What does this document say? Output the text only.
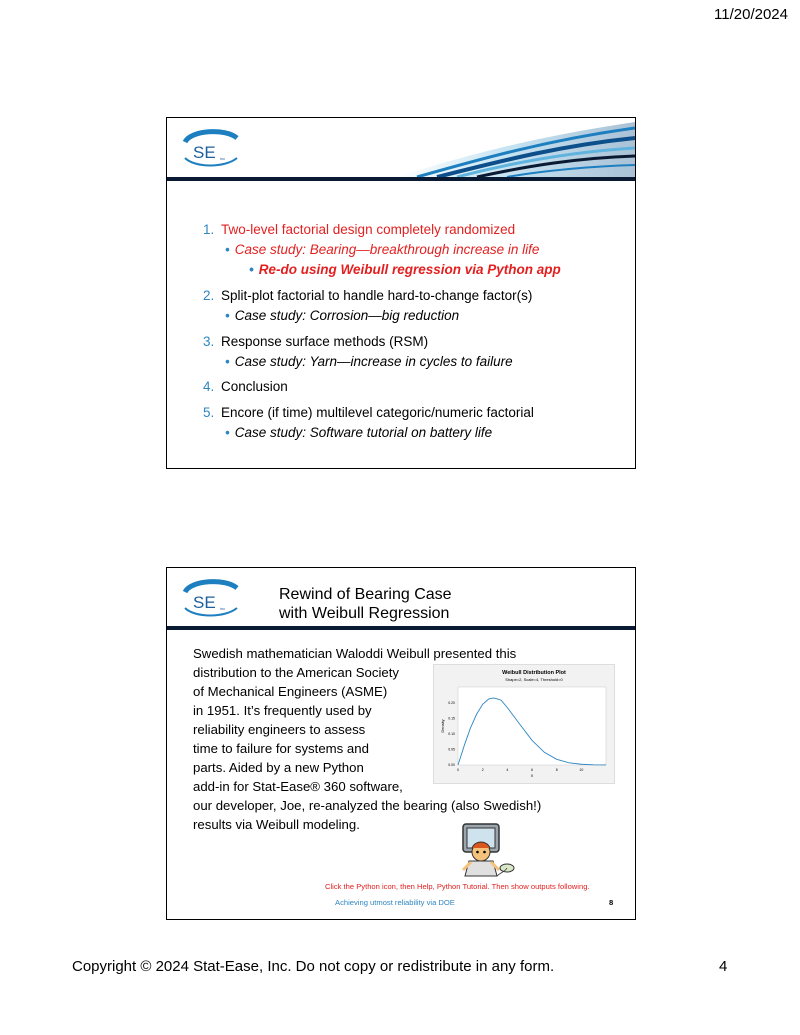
11/20/2024
SE inc
1. Two-level factorial design completely randomized
• Case study: Bearing—breakthrough increase in life
• Re-do using Weibull regression via Python app
2. Split-plot factorial to handle hard-to-change factor(s)
• Case study: Corrosion—big reduction
3. Response surface methods (RSM)
• Case study: Yarn—increase in cycles to failure
4. Conclusion
5. Encore (if time) multilevel categoric/numeric factorial
• Case study: Software tutorial on battery life
SE inc
Rewind of Bearing Case
with Weibull Regression
Swedish mathematician Waloddi Weibull presented this
distribution to the American Society
of Mechanical Engineers (ASME)
in 1951. It’s frequently used by
reliability engineers to assess
time to failure for systems and
parts. Aided by a new Python
add-in for Stat-Ease® 360 software,
our developer, Joe, re-analyzed the bearing (also Swedish!)
results via Weibull modeling.
Weibull Distribution Plot
Shape=2, Scale=4, Threshold=0
0	2	4	6	8	10
0.00
0.05
0.10
0.15
0.20
X
Density
Click the Python icon, then Help, Python Tutorial. Then show outputs following.
Achieving utmost reliability via DOE	8
Copyright © 2024 Stat-Ease, Inc. Do not copy or redistribute in any form.	4
